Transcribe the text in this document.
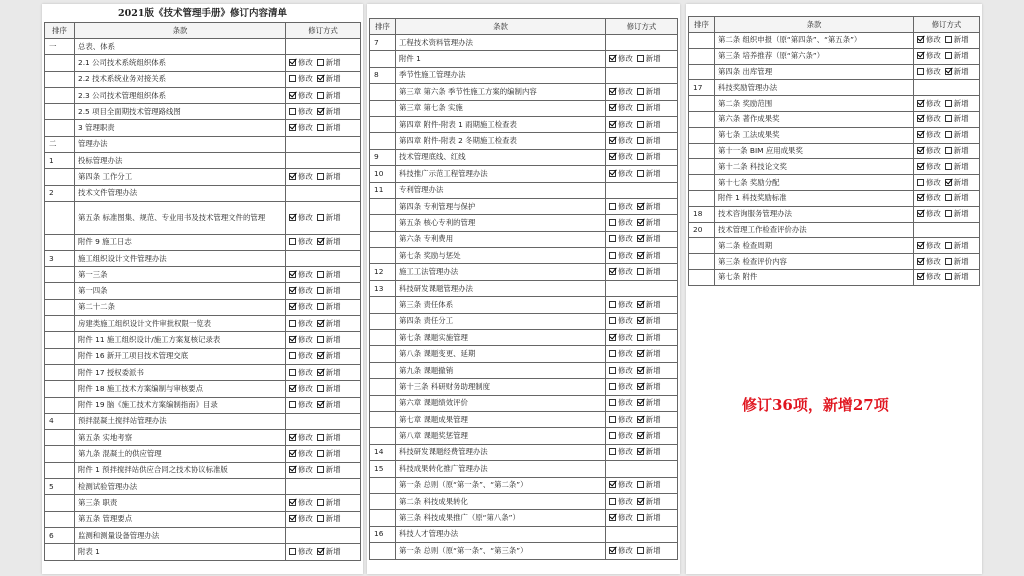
2021版《技术管理手册》修订内容清单
排序	条款	修订方式
一	总表、体系	
	2.1 公司技术系统组织体系	修改 新增
	2.2 技术系统业务对接关系	修改 新增
	2.3 公司技术管理组织体系	修改 新增
	2.5 项目全面期技术管理路线图	修改 新增
	3 管理职责	修改 新增
二	管理办法	
1	投标管理办法	
	第四条 工作分工	修改 新增
2	技术文件管理办法	
	第五条 标准图集、规范、专业用书及技术管理文件的管理	修改 新增
	附件 9 施工日志	修改 新增
3	施工组织设计文件管理办法	
	第一三条	修改 新增
	第一四条	修改 新增
	第二十二条	修改 新增
	房建类施工组织设计文件审批权限一览表	修改 新增
	附件 11 施工组织设计/施工方案复核记录表	修改 新增
	附件 16 新开工项目技术管理交底	修改 新增
	附件 17 授权委派书	修改 新增
	附件 18 施工技术方案编制与审核要点	修改 新增
	附件 19 脑《施工技术方案编制指南》目录	修改 新增
4	预拌混凝土搅拌站管理办法	
	第五条 实地考察	修改 新增
	第九条 混凝土的供应管理	修改 新增
	附件 1 预拌搅拌站供应合同之技术协议标准版	修改 新增
5	检测试验管理办法	
	第三条 职责	修改 新增
	第五条 管理要点	修改 新增
6	监测和测量设备管理办法	
	附表 1	修改 新增
排序	条款	修订方式
7	工程技术资料管理办法	
	附件 1	修改 新增
8	季节性施工管理办法	
	第三章 第六条 季节性施工方案的编制内容	修改 新增
	第三章 第七条 实施	修改 新增
	第四章 附件-附表 1 雨期施工检查表	修改 新增
	第四章 附件-附表 2 冬期施工检查表	修改 新增
9	技术管理底线、红线	修改 新增
10	科技推广示范工程管理办法	修改 新增
11	专利管理办法	
	第四条 专利管理与保护	修改 新增
	第五条 核心专利的管理	修改 新增
	第六条 专利费用	修改 新增
	第七条 奖励与惩处	修改 新增
12	施工工法管理办法	修改 新增
13	科技研发课题管理办法	
	第三条 责任体系	修改 新增
	第四条 责任分工	修改 新增
	第七条 课题实施管理	修改 新增
	第八条 课题变更、延期	修改 新增
	第九条 课题撤销	修改 新增
	第十三条 科研财务助理制度	修改 新增
	第六章 课题绩效评价	修改 新增
	第七章 课题成果管理	修改 新增
	第八章 课题奖惩管理	修改 新增
14	科技研发课题经费管理办法	修改 新增
15	科技成果转化推广管理办法	
	第一条 总则（原“第一条”、“第二条”）	修改 新增
	第二条 科技成果转化	修改 新增
	第三条 科技成果推广（原“第八条”）	修改 新增
16	科技人才管理办法	
	第一条 总则（原“第一条”、“第三条”）	修改 新增
排序	条款	修订方式
	第二条 组织申报（原“第四条”、“第五条”）	修改 新增
	第三条 培养推荐（原“第六条”）	修改 新增
	第四条 出库管理	修改 新增
17	科技奖励管理办法	
	第二条 奖励范围	修改 新增
	第六条 著作成果奖	修改 新增
	第七条 工法成果奖	修改 新增
	第十一条 BIM 应用成果奖	修改 新增
	第十二条 科技论文奖	修改 新增
	第十七条 奖励分配	修改 新增
	附件 1 科技奖励标准	修改 新增
18	技术咨询服务管理办法	修改 新增
20	技术管理工作检查评价办法	
	第二条 检查周期	修改 新增
	第三条 检查评价内容	修改 新增
	第七条 附件	修改 新增
修订36项，新增27项
